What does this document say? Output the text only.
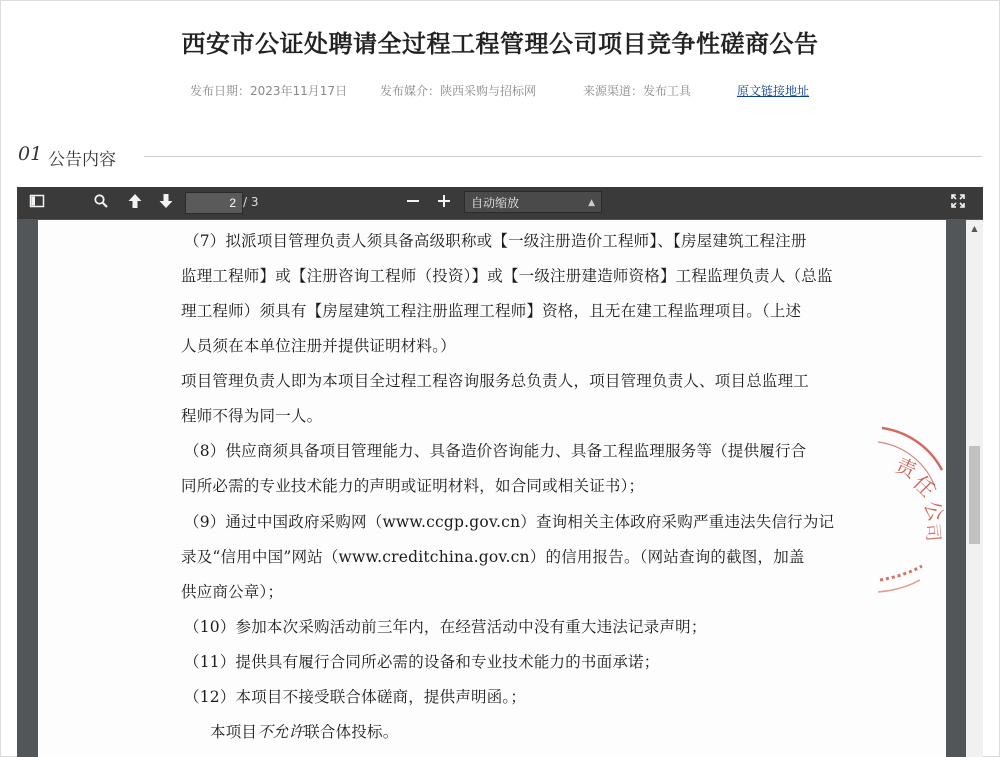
西安市公证处聘请全过程工程管理公司项目竞争性磋商公告
发布日期：2023年11月17日	发布媒介：陕西采购与招标网	来源渠道：发布工具	原文链接地址
01 公告内容
2
/ 3	自动缩放	▲

（7）拟派项目管理负责人须具备高级职称或【一级注册造价工程师】、【房屋建筑工程注册
监理工程师】或【注册咨询工程师（投资）】或【一级注册建造师资格】工程监理负责人（总监
理工程师）须具有【房屋建筑工程注册监理工程师】资格，且无在建工程监理项目。（上述
人员须在本单位注册并提供证明材料。）
项目管理负责人即为本项目全过程工程咨询服务总负责人，项目管理负责人、项目总监理工
程师不得为同一人。
（8）供应商须具备项目管理能力、具备造价咨询能力、具备工程监理服务等（提供履行合
同所必需的专业技术能力的声明或证明材料，如合同或相关证书）；
（9）通过中国政府采购网（www.ccgp.gov.cn）查询相关主体政府采购严重违法失信行为记
录及“信用中国”网站（www.creditchina.gov.cn）的信用报告。（网站查询的截图，加盖
供应商公章）；
（10）参加本次采购活动前三年内，在经营活动中没有重大违法记录声明；
（11）提供具有履行合同所必需的设备和专业技术能力的书面承诺；
（12）本项目不接受联合体磋商，提供声明函。；
本项目不允许联合体投标。
责
任
公
司
▲
